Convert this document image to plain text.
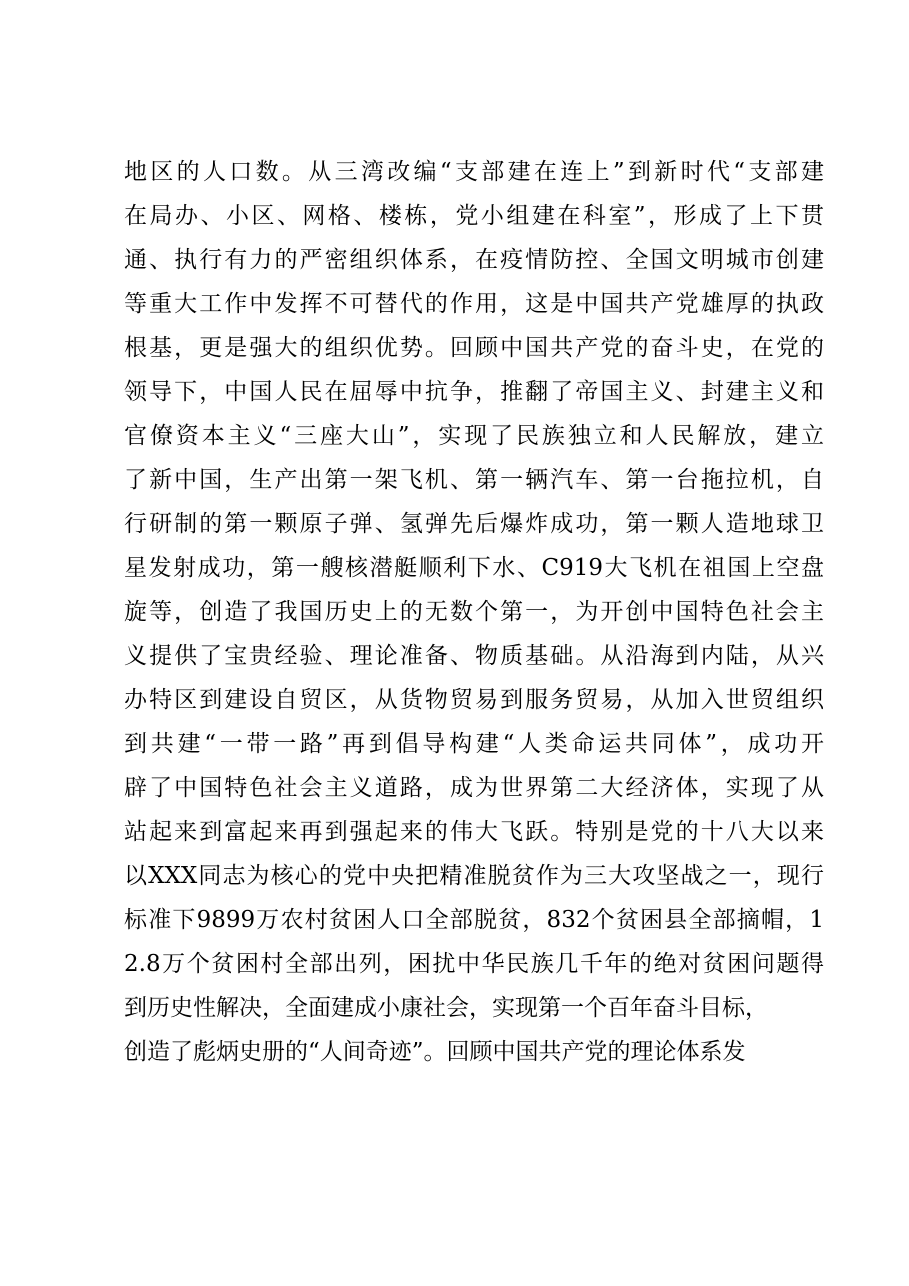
地区的人口数。从三湾改编“支部建在连上”到新时代“支部建
在局办、小区、网格、楼栋，党小组建在科室”，形成了上下贯
通、执行有力的严密组织体系，在疫情防控、全国文明城市创建
等重大工作中发挥不可替代的作用，这是中国共产党雄厚的执政
根基，更是强大的组织优势。回顾中国共产党的奋斗史，在党的
领导下，中国人民在屈辱中抗争，推翻了帝国主义、封建主义和
官僚资本主义“三座大山”，实现了民族独立和人民解放，建立
了新中国，生产出第一架飞机、第一辆汽车、第一台拖拉机，自
行研制的第一颗原子弹、氢弹先后爆炸成功，第一颗人造地球卫
星发射成功，第一艘核潜艇顺利下水、C919大飞机在祖国上空盘
旋等，创造了我国历史上的无数个第一，为开创中国特色社会主
义提供了宝贵经验、理论准备、物质基础。从沿海到内陆，从兴
办特区到建设自贸区，从货物贸易到服务贸易，从加入世贸组织
到共建“一带一路”再到倡导构建“人类命运共同体”，成功开
辟了中国特色社会主义道路，成为世界第二大经济体，实现了从
站起来到富起来再到强起来的伟大飞跃。特别是党的十八大以来
以XXX同志为核心的党中央把精准脱贫作为三大攻坚战之一，现行
标准下9899万农村贫困人口全部脱贫，832个贫困县全部摘帽，1
2.8万个贫困村全部出列，困扰中华民族几千年的绝对贫困问题得
到历史性解决，全面建成小康社会，实现第一个百年奋斗目标，
创造了彪炳史册的“人间奇迹”。回顾中国共产党的理论体系发
